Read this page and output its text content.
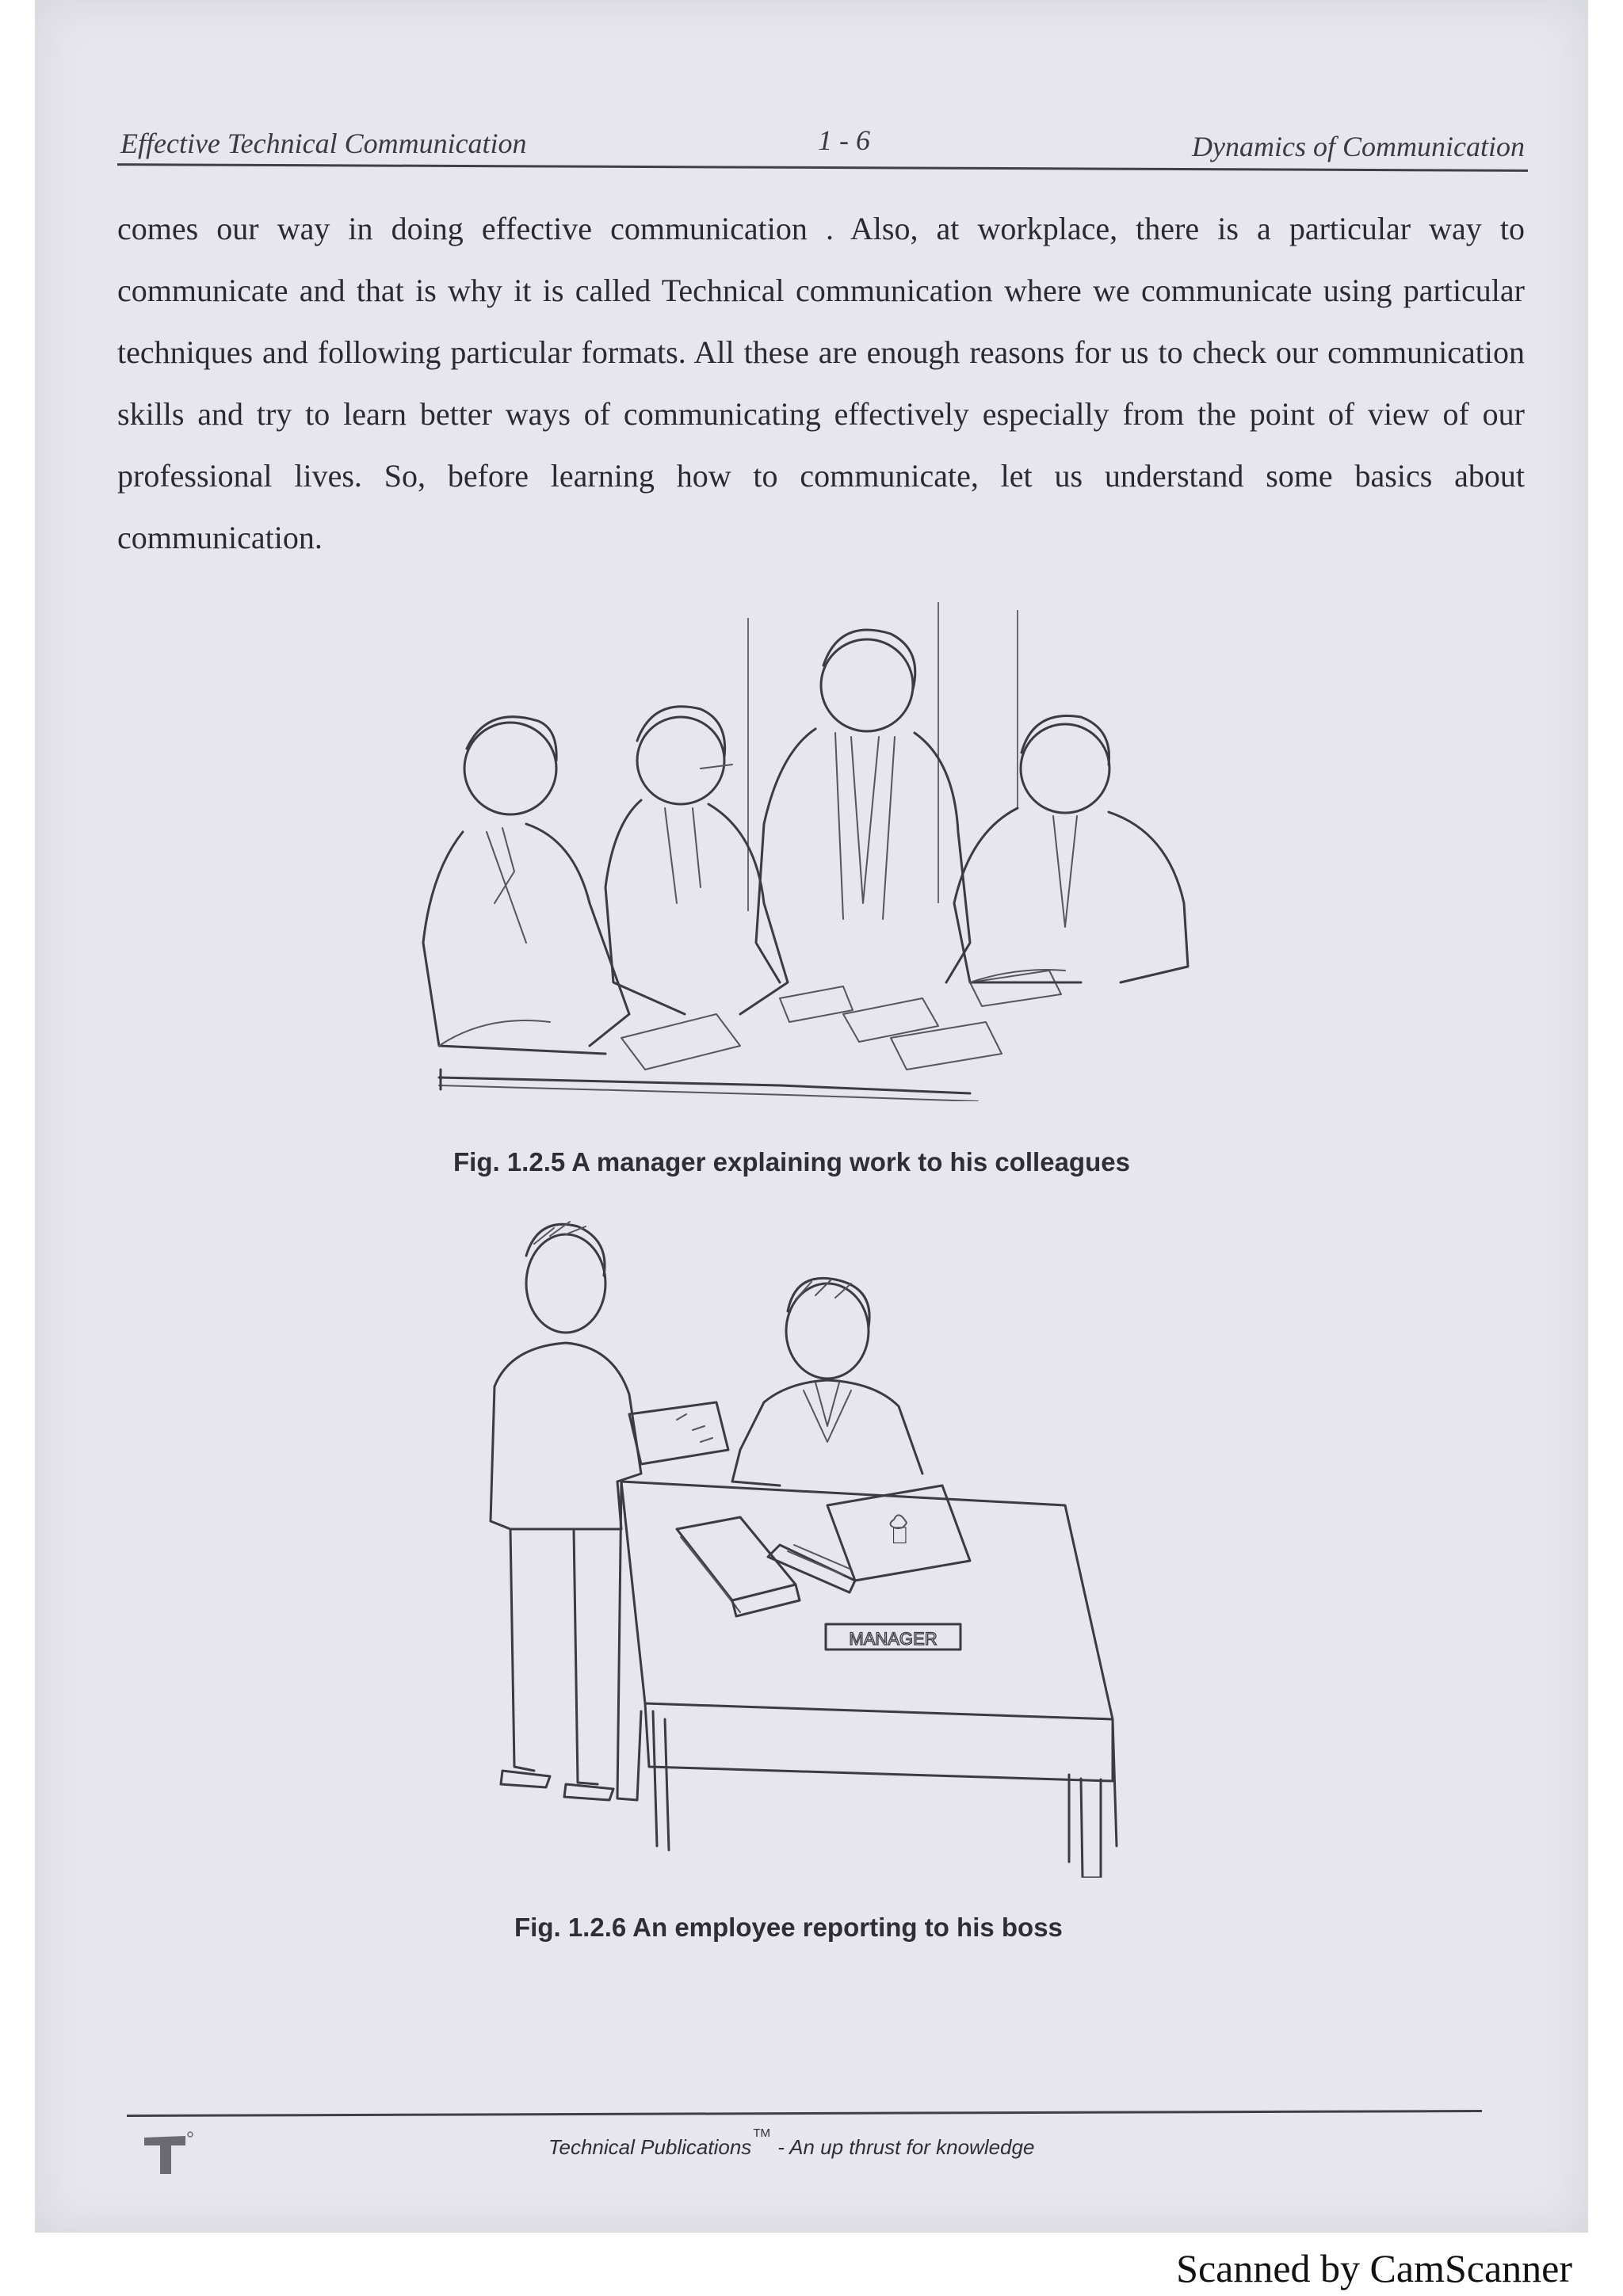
Effective Technical Communication	1 - 6	Dynamics of Communication
comes our way in doing effective communication . Also, at workplace, there is a particular way to communicate and that is why it is called Technical communication where we communicate using particular techniques and following particular formats. All these are enough reasons for us to check our communication skills and try to learn better ways of communicating effectively especially from the point of view of our professional lives. So, before learning how to communicate, let us understand some basics about communication.
Fig. 1.2.5 A manager explaining work to his colleagues
MANAGER
Fig. 1.2.6 An employee reporting to his boss
Technical Publications™ - An up thrust for knowledge
Scanned by CamScanner
